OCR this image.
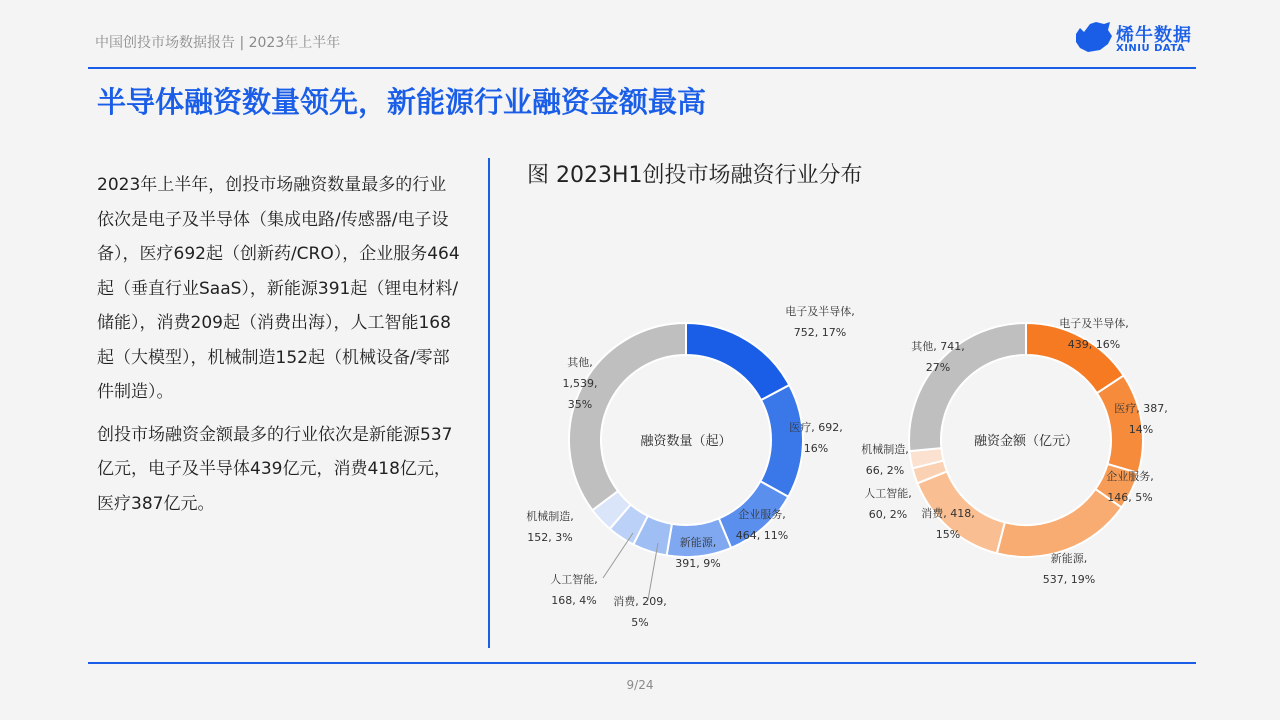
中国创投市场数据报告 | 2023年上半年	烯牛数据
XINIU DATA
半导体融资数量领先，新能源行业融资金额最高

2023年上半年，创投市场融资数量最多的行业依次是电子及半导体（集成电路/传感器/电子设备），医疗692起（创新药/CRO），企业服务464起（垂直行业SaaS），新能源391起（锂电材料/储能），消费209起（消费出海），人工智能168起（大模型），机械制造152起（机械设备/零部件制造）。

创投市场融资金额最多的行业依次是新能源537亿元，电子及半导体439亿元，消费418亿元，医疗387亿元。

图 2023H1创投市场融资行业分布
融资数量（起）
电子及半导体, 752, 17%
医疗, 692, 16%
企业服务, 464, 11%
新能源, 391, 9%
消费, 209, 5%
人工智能, 168, 4%
机械制造, 152, 3%
其他, 1,539, 35%
融资金额（亿元）
电子及半导体, 439, 16%
医疗, 387, 14%
企业服务, 146, 5%
新能源, 537, 19%
消费, 418, 15%
人工智能, 60, 2%
机械制造, 66, 2%
其他, 741, 27%
9/24
